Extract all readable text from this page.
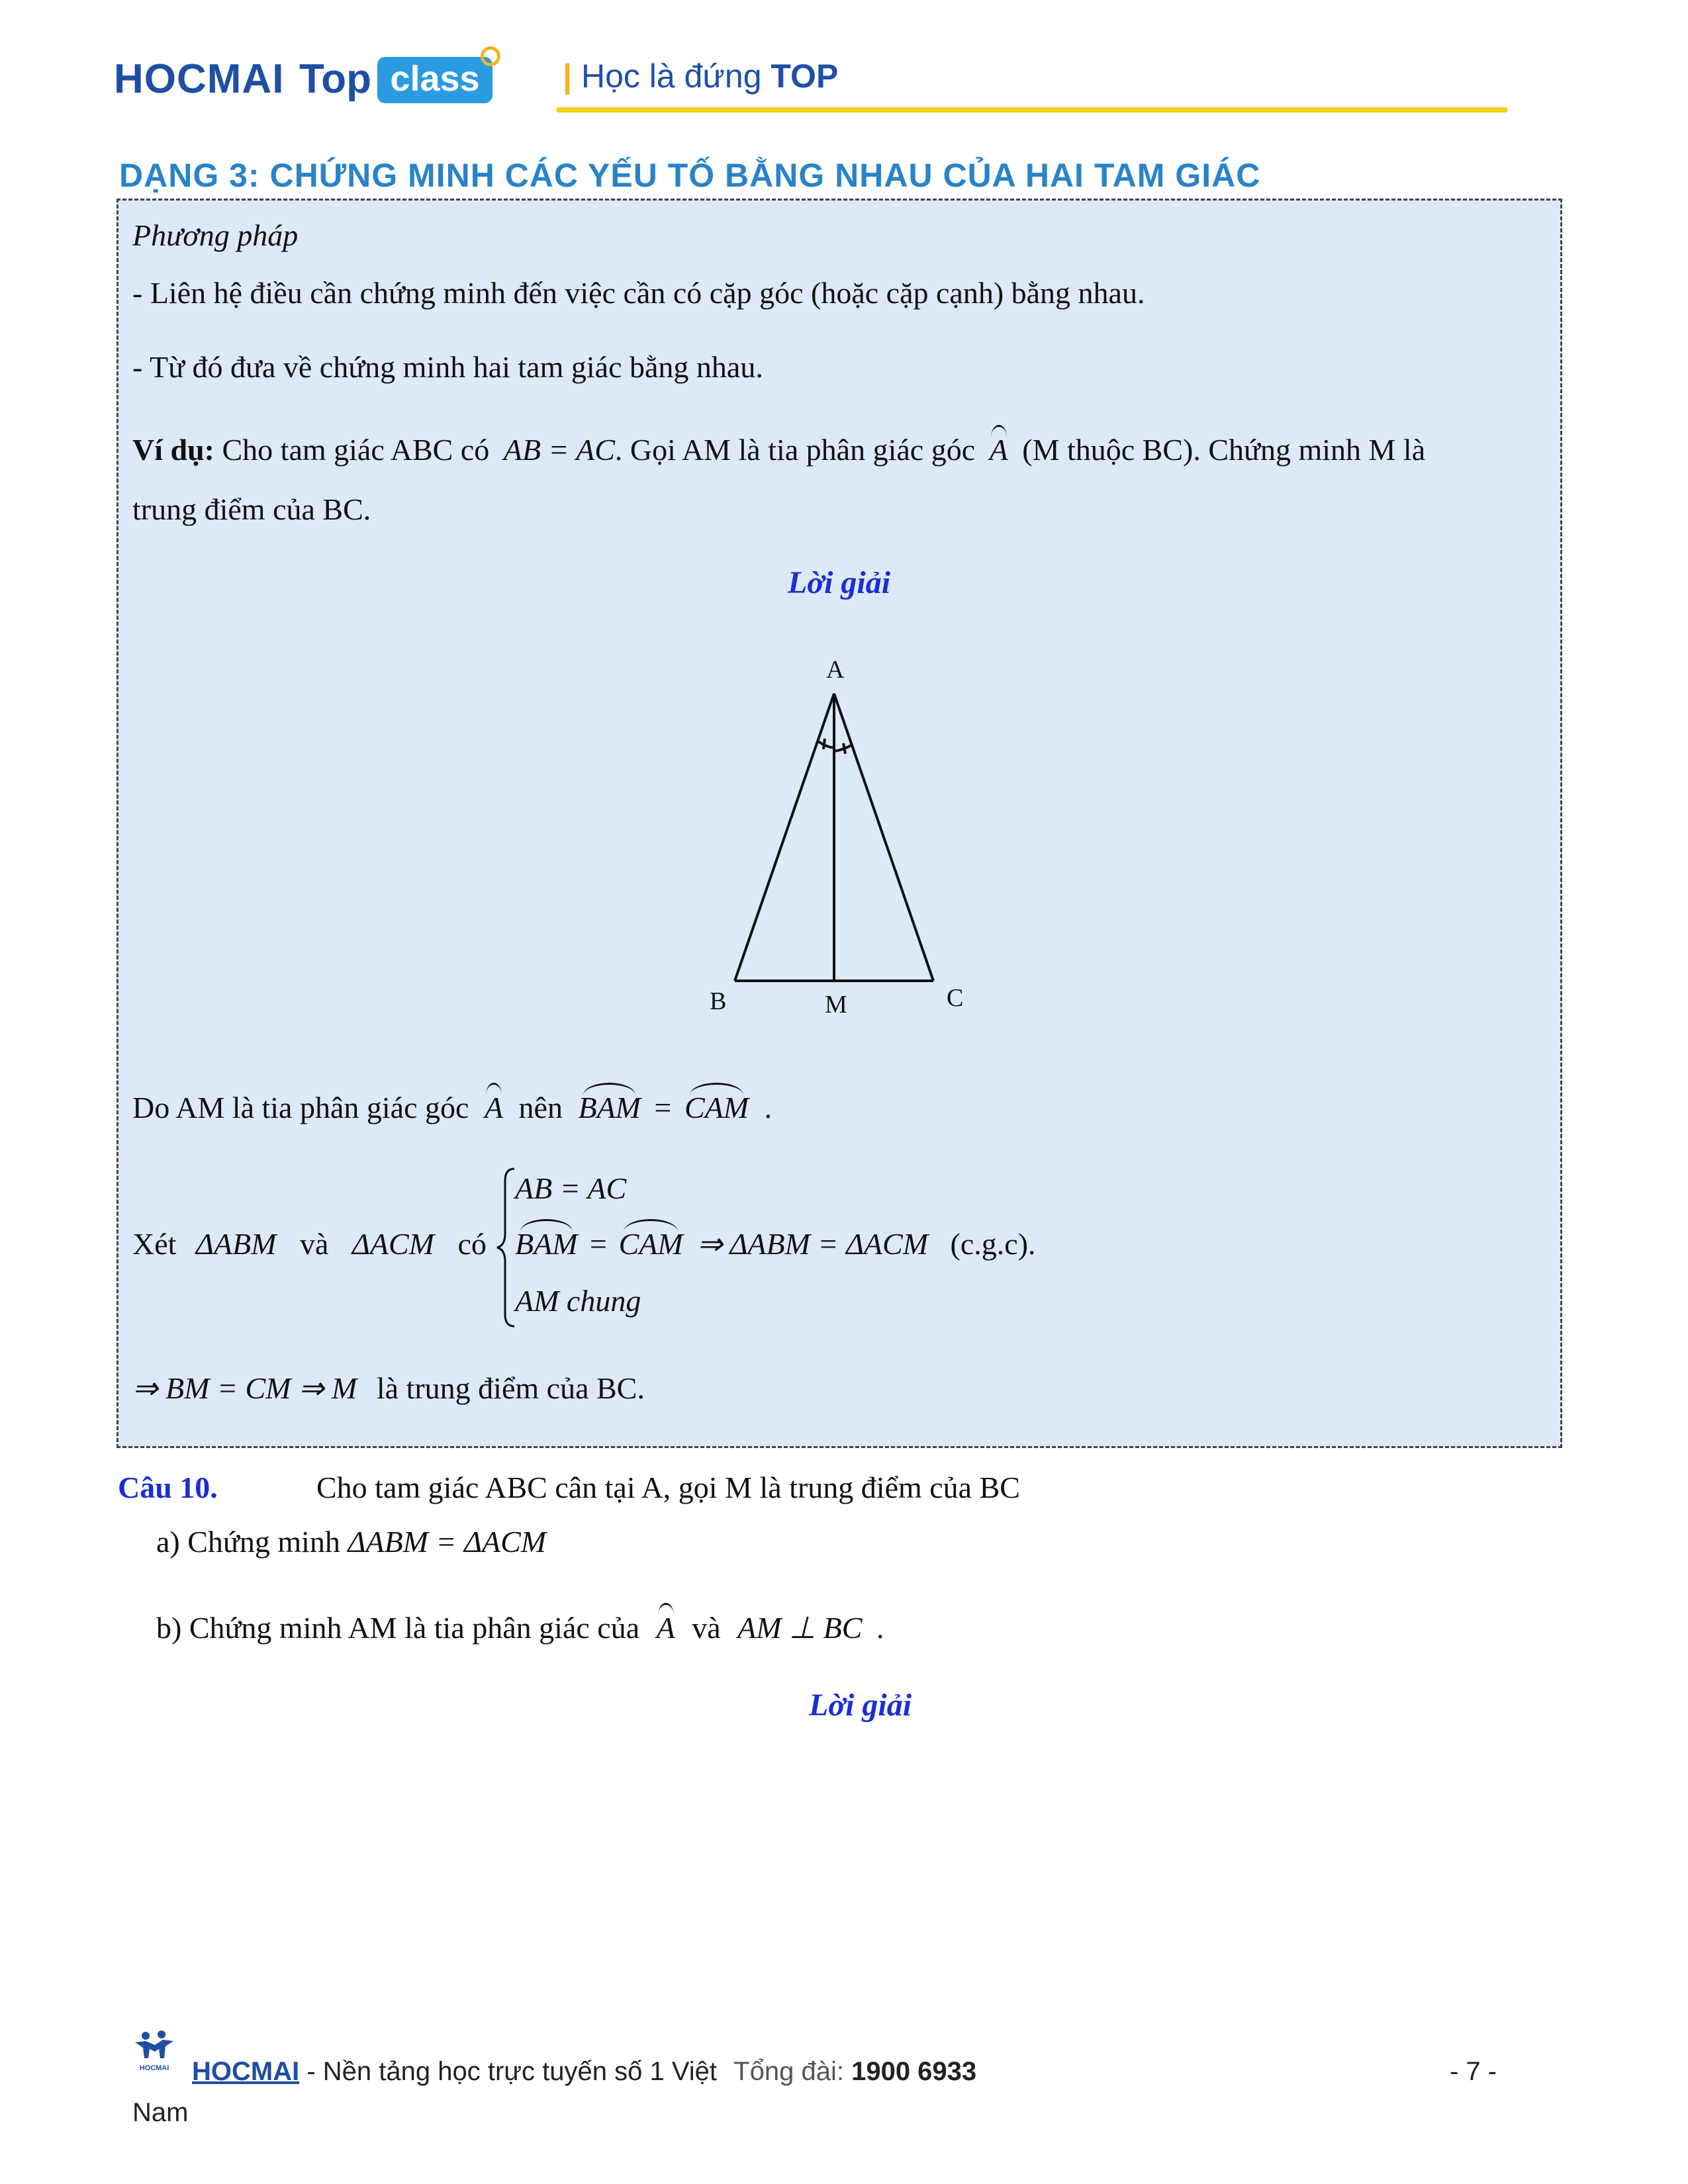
HOCMAI Top class	| Học là đứng TOP
DẠNG 3: CHỨNG MINH CÁC YẾU TỐ BẰNG NHAU CỦA HAI TAM GIÁC
Phương pháp
- Liên hệ điều cần chứng minh đến việc cần có cặp góc (hoặc cặp cạnh) bằng nhau.
- Từ đó đưa về chứng minh hai tam giác bằng nhau.
Ví dụ: Cho tam giác ABC có AB = AC. Gọi AM là tia phân giác góc A (M thuộc BC). Chứng minh M là
trung điểm của BC.
Lời giải
A
B	M	C
Do AM là tia phân giác góc A nên BAM = CAM .
Xét ΔABM và ΔACM có
AB = AC
BAM = CAM ⇒ ΔABM = ΔACM (c.g.c).
AM chung
⇒ BM = CM ⇒ M là trung điểm của BC.
Câu 10.	Cho tam giác ABC cân tại A, gọi M là trung điểm của BC
a) Chứng minh ΔABM = ΔACM
b) Chứng minh AM là tia phân giác của A và AM ⊥ BC .
Lời giải
HOCMAI HOCMAI - Nền tảng học trực tuyến số 1 Việt Tổng đài: 1900 6933	- 7 -
Nam
